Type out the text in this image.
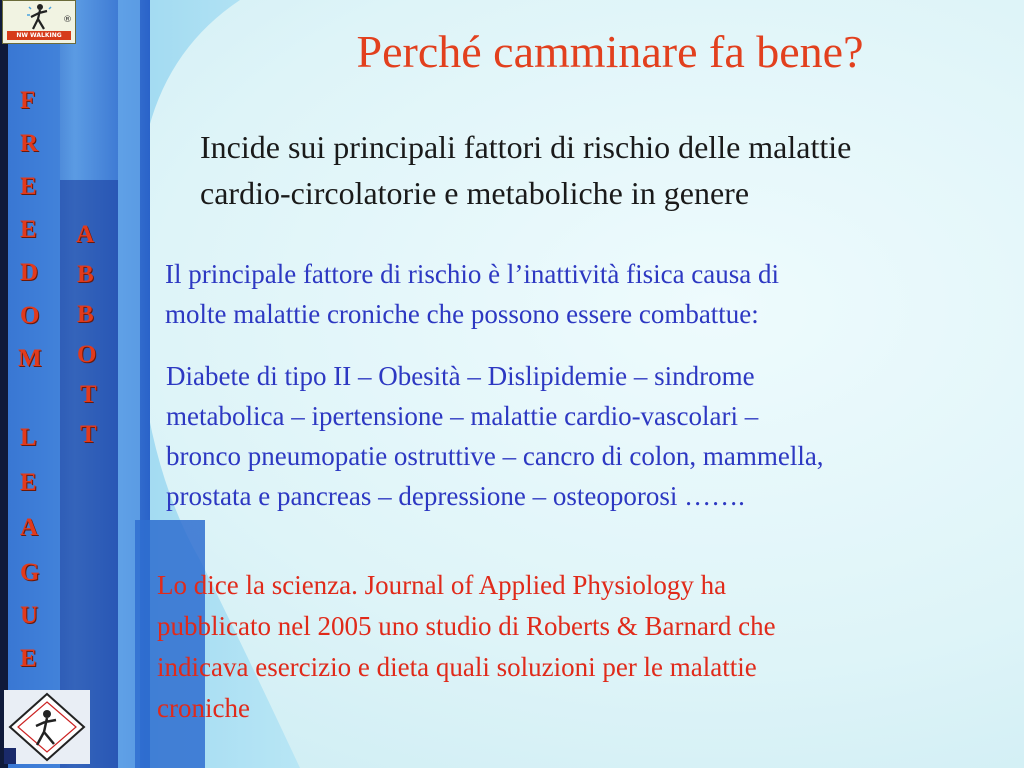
®
NW WALKING
F
R
E
E
D
O
M
L
E
A
G
U
E
A
B
B
O
T
T
Perché camminare fa bene?
Incide sui principali fattori di rischio delle malattie
cardio-circolatorie e metaboliche in genere
Il principale fattore di rischio è l’inattività fisica causa di
molte malattie croniche che possono essere combattue:
Diabete di tipo II – Obesità – Dislipidemie – sindrome
metabolica – ipertensione – malattie cardio-vascolari –
bronco pneumopatie ostruttive – cancro di colon, mammella,
prostata e pancreas – depressione – osteoporosi …….
Lo dice la scienza. Journal of Applied Physiology ha
pubblicato nel 2005 uno studio di Roberts & Barnard che
indicava esercizio e dieta quali soluzioni per le malattie
croniche
